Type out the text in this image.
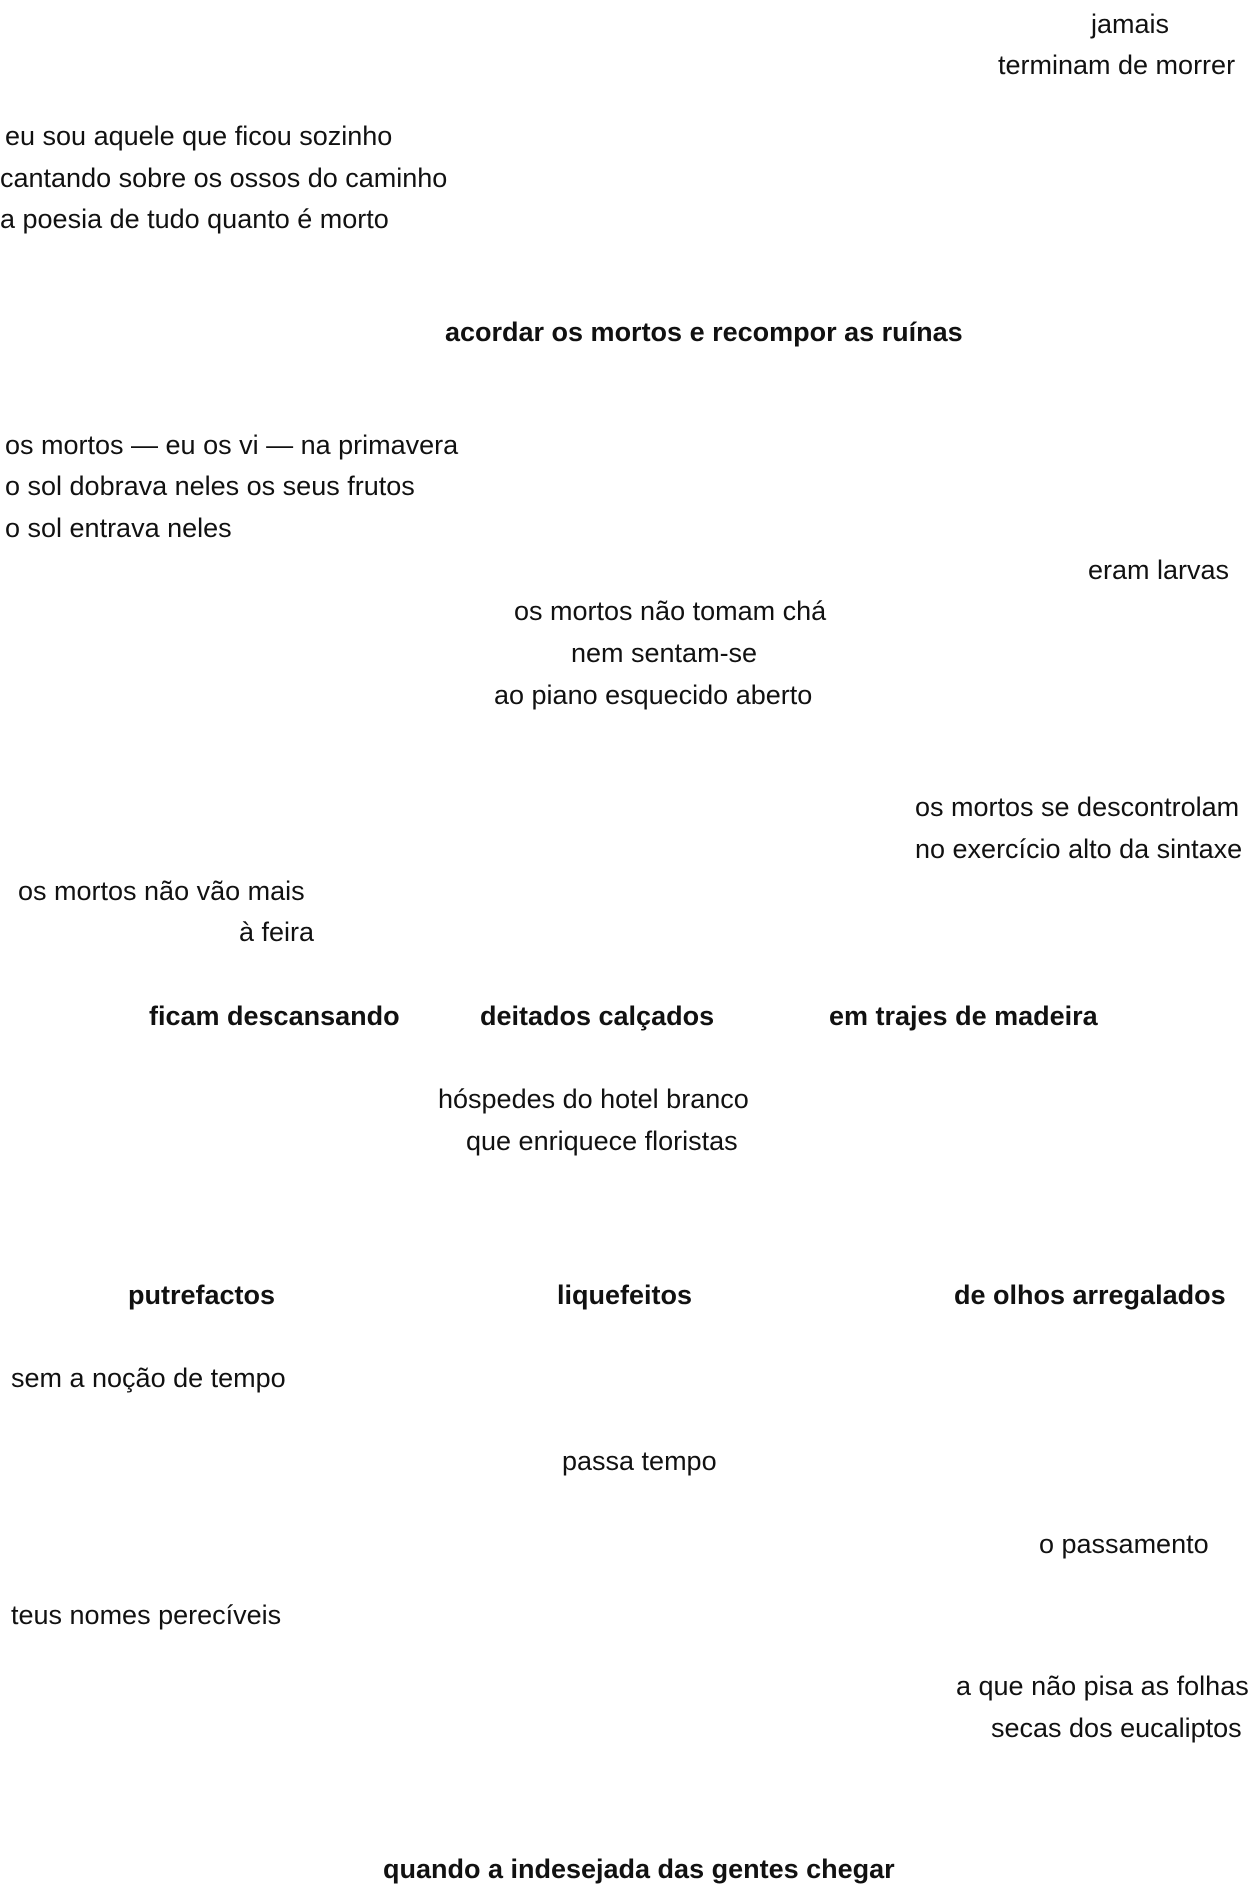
jamais

terminam de morrer

eu sou aquele que ficou sozinho

cantando sobre os ossos do caminho

a poesia de tudo quanto é morto

acordar os mortos e recompor as ruínas

os mortos — eu os vi — na primavera

o sol dobrava neles os seus frutos

o sol entrava neles

eram larvas

os mortos não tomam chá

nem sentam-se

ao piano esquecido aberto

os mortos se descontrolam

no exercício alto da sintaxe

os mortos não vão mais

à feira

ficam descansando	deitados calçados	em trajes de madeira

hóspedes do hotel branco

que enriquece floristas

putrefactos	liquefeitos	de olhos arregalados

sem a noção de tempo

passa tempo

o passamento

teus nomes perecíveis

a que não pisa as folhas

secas dos eucaliptos

quando a indesejada das gentes chegar
